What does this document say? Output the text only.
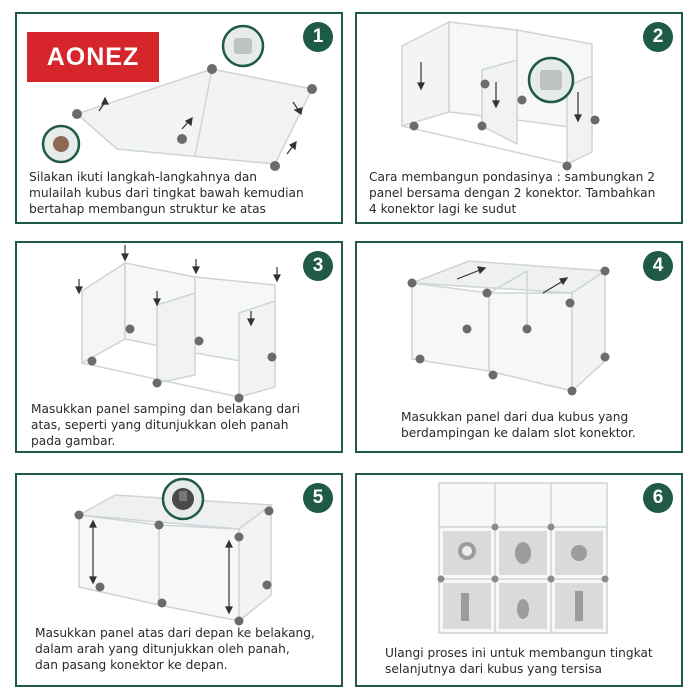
AONEZ
1
Silakan ikuti langkah-langkahnya dan
mulailah kubus dari tingkat bawah kemudian
bertahap membangun struktur ke atas
2
Cara membangun pondasinya : sambungkan 2
panel bersama dengan 2 konektor. Tambahkan
4 konektor lagi ke sudut
3
Masukkan panel samping dan belakang dari
atas, seperti yang ditunjukkan oleh panah
pada gambar.
4
Masukkan panel dari dua kubus yang
berdampingan ke dalam slot konektor.
5
Masukkan panel atas dari depan ke belakang,
dalam arah yang ditunjukkan oleh panah,
dan pasang konektor ke depan.
6
Ulangi proses ini untuk membangun tingkat
selanjutnya dari kubus yang tersisa
